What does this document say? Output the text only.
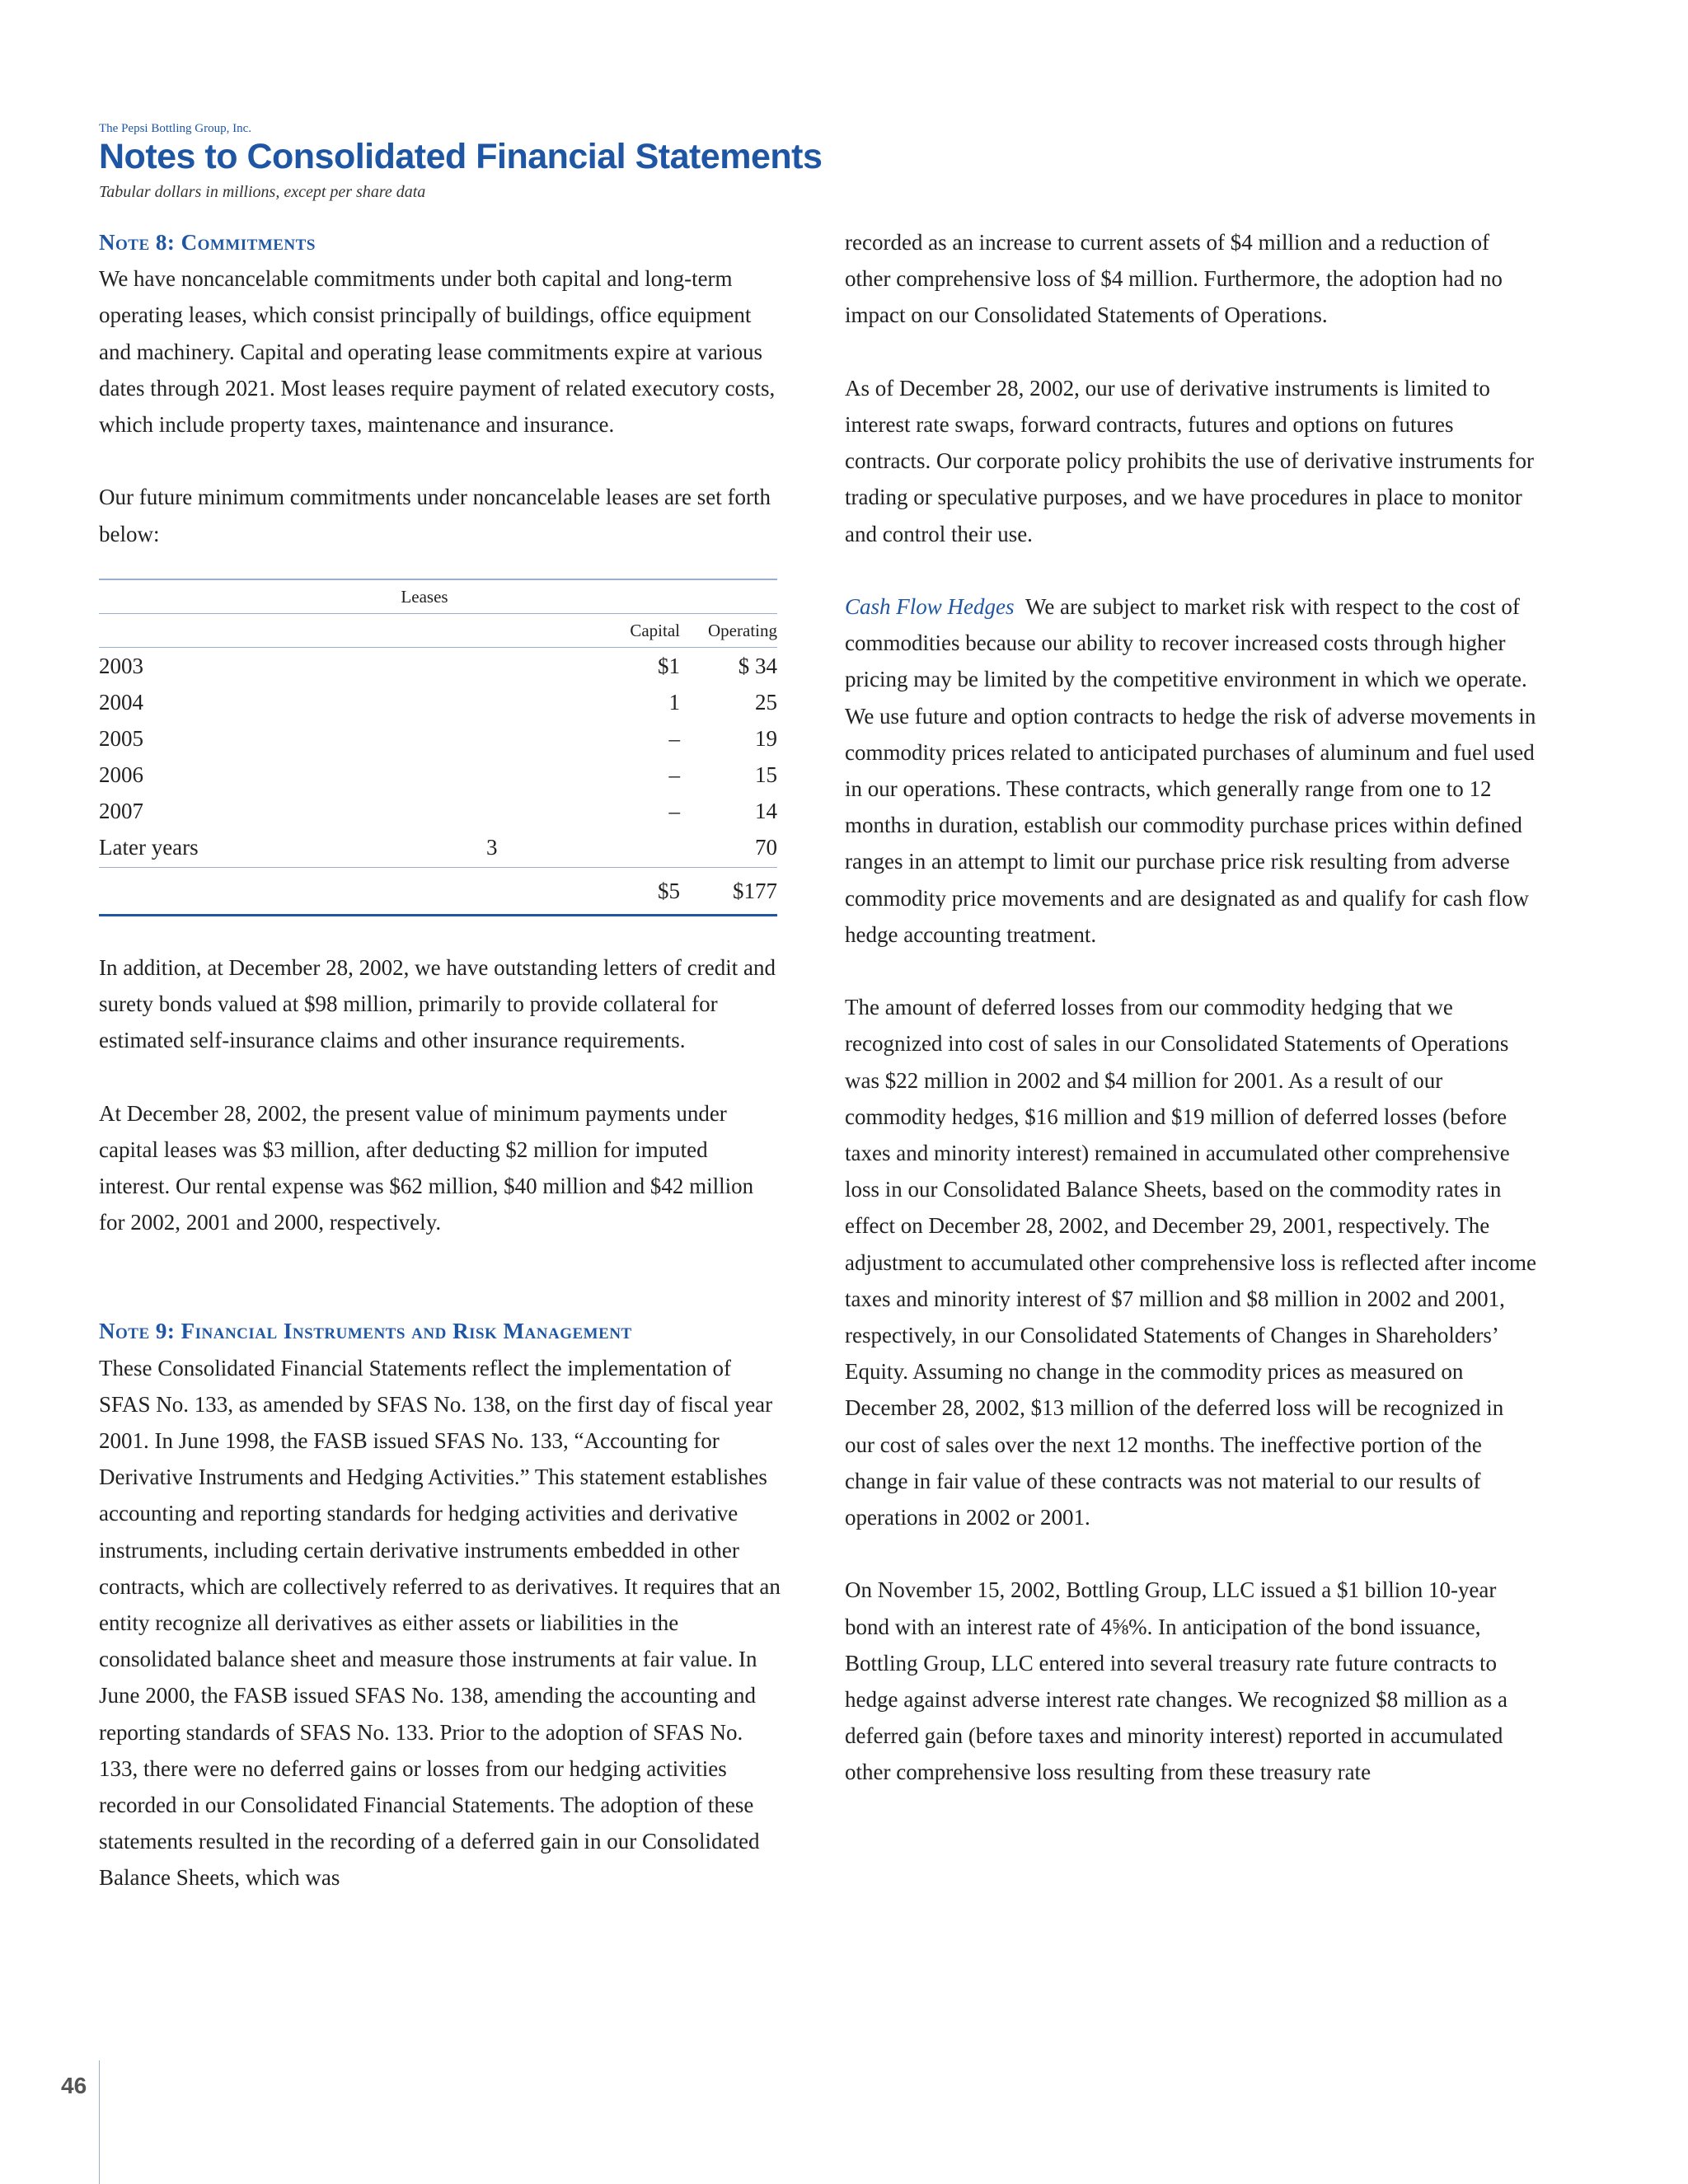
The Pepsi Bottling Group, Inc.
Notes to Consolidated Financial Statements
Tabular dollars in millions, except per share data

Note 8: Commitments

We have noncancelable commitments under both capital and long-term operating leases, which consist principally of buildings, office equipment and machinery. Capital and operating lease commitments expire at various dates through 2021. Most leases require payment of related executory costs, which include property taxes, maintenance and insurance.

Our future minimum commitments under noncancelable leases are set forth below:

Leases
Capital	Operating
2003	$1	$ 34
2004	1	25
2005	–	19
2006	–	15
2007	–	14
Later years	3	70
$5 $177

In addition, at December 28, 2002, we have outstanding letters of credit and surety bonds valued at $98 million, primarily to provide collateral for estimated self-insurance claims and other insurance requirements.

At December 28, 2002, the present value of minimum payments under capital leases was $3 million, after deducting $2 million for imputed interest. Our rental expense was $62 million, $40 million and $42 million for 2002, 2001 and 2000, respectively.

Note 9: Financial Instruments and Risk Management

These Consolidated Financial Statements reflect the implementation of SFAS No. 133, as amended by SFAS No. 138, on the first day of fiscal year 2001. In June 1998, the FASB issued SFAS No. 133, “Accounting for Derivative Instruments and Hedging Activities.” This statement establishes accounting and reporting standards for hedging activities and derivative instruments, including certain derivative instruments embedded in other contracts, which are collectively referred to as derivatives. It requires that an entity recognize all derivatives as either assets or liabilities in the consolidated balance sheet and measure those instruments at fair value. In June 2000, the FASB issued SFAS No. 138, amending the accounting and reporting standards of SFAS No. 133. Prior to the adoption of SFAS No. 133, there were no deferred gains or losses from our hedging activities recorded in our Consolidated Financial Statements. The adoption of these statements resulted in the recording of a deferred gain in our Consolidated Balance Sheets, which was

recorded as an increase to current assets of $4 million and a reduction of other comprehensive loss of $4 million. Furthermore, the adoption had no impact on our Consolidated Statements of Operations.

As of December 28, 2002, our use of derivative instruments is limited to interest rate swaps, forward contracts, futures and options on futures contracts. Our corporate policy prohibits the use of derivative instruments for trading or speculative purposes, and we have procedures in place to monitor and control their use.

Cash Flow Hedges We are subject to market risk with respect to the cost of commodities because our ability to recover increased costs through higher pricing may be limited by the competitive environment in which we operate. We use future and option contracts to hedge the risk of adverse movements in commodity prices related to anticipated purchases of aluminum and fuel used in our operations. These contracts, which generally range from one to 12 months in duration, establish our commodity purchase prices within defined ranges in an attempt to limit our purchase price risk resulting from adverse commodity price movements and are designated as and qualify for cash flow hedge accounting treatment.

The amount of deferred losses from our commodity hedging that we recognized into cost of sales in our Consolidated Statements of Operations was $22 million in 2002 and $4 million for 2001. As a result of our commodity hedges, $16 million and $19 million of deferred losses (before taxes and minority interest) remained in accumulated other comprehensive loss in our Consolidated Balance Sheets, based on the commodity rates in effect on December 28, 2002, and December 29, 2001, respectively. The adjustment to accumulated other comprehensive loss is reflected after income taxes and minority interest of $7 million and $8 million in 2002 and 2001, respectively, in our Consolidated Statements of Changes in Shareholders’ Equity. Assuming no change in the commodity prices as measured on December 28, 2002, $13 million of the deferred loss will be recognized in our cost of sales over the next 12 months. The ineffective portion of the change in fair value of these contracts was not material to our results of operations in 2002 or 2001.

On November 15, 2002, Bottling Group, LLC issued a $1 billion 10-year bond with an interest rate of 4⅝%. In anticipation of the bond issuance, Bottling Group, LLC entered into several treasury rate future contracts to hedge against adverse interest rate changes. We recognized $8 million as a deferred gain (before taxes and minority interest) reported in accumulated other comprehensive loss resulting from these treasury rate

46
